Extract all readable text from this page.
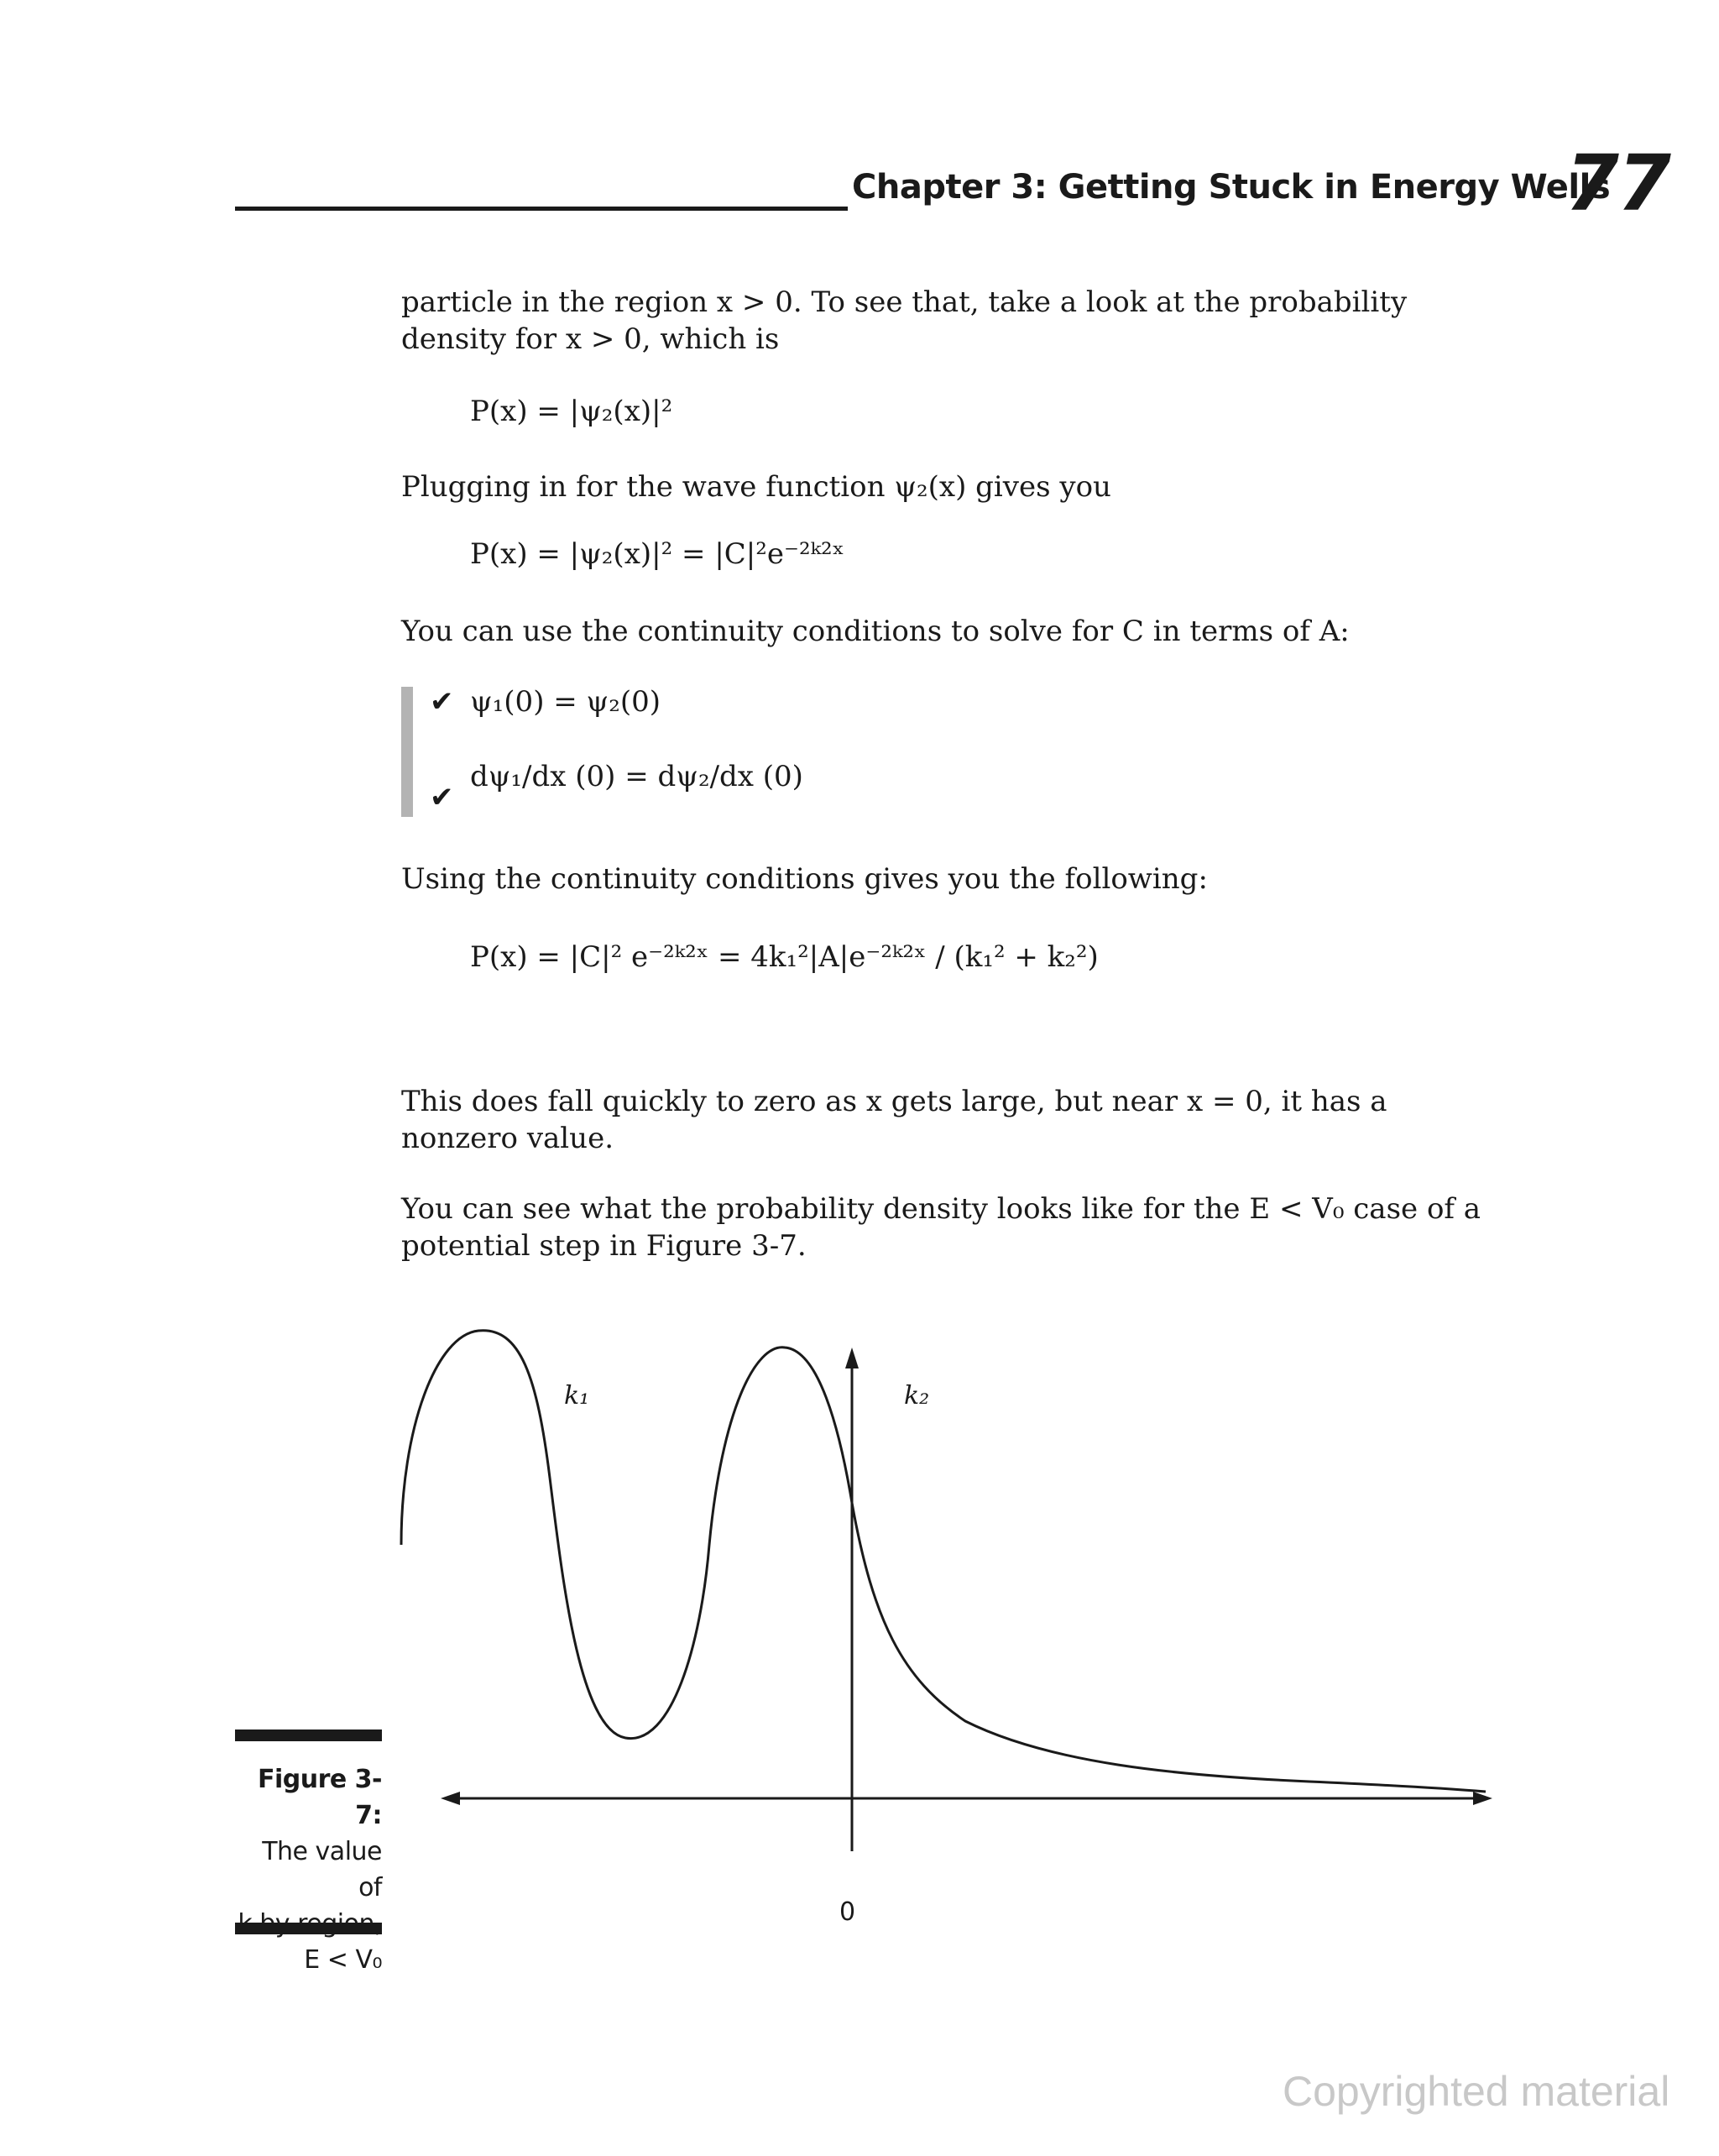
Chapter 3: Getting Stuck in Energy Wells
77
particle in the region x > 0. To see that, take a look at the probability density for x > 0, which is
P(x) = |ψ₂(x)|²
Plugging in for the wave function ψ₂(x) gives you
P(x) = |ψ₂(x)|² = |C|²e⁻²ᵏ²ˣ
You can use the continuity conditions to solve for C in terms of A:
✔ ψ₁(0) = ψ₂(0)
✔
dψ₁/dx (0) = dψ₂/dx (0)
Using the continuity conditions gives you the following:
P(x) = |C|² e⁻²ᵏ²ˣ = 4k₁²|A|e⁻²ᵏ²ˣ / (k₁² + k₂²)
This does fall quickly to zero as x gets large, but near x = 0, it has a nonzero value.
You can see what the probability density looks like for the E < V₀ case of a potential step in Figure 3-7.
k₁	k₂
0
Figure 3-7:
The value of
E < V₀
Copyrighted material
